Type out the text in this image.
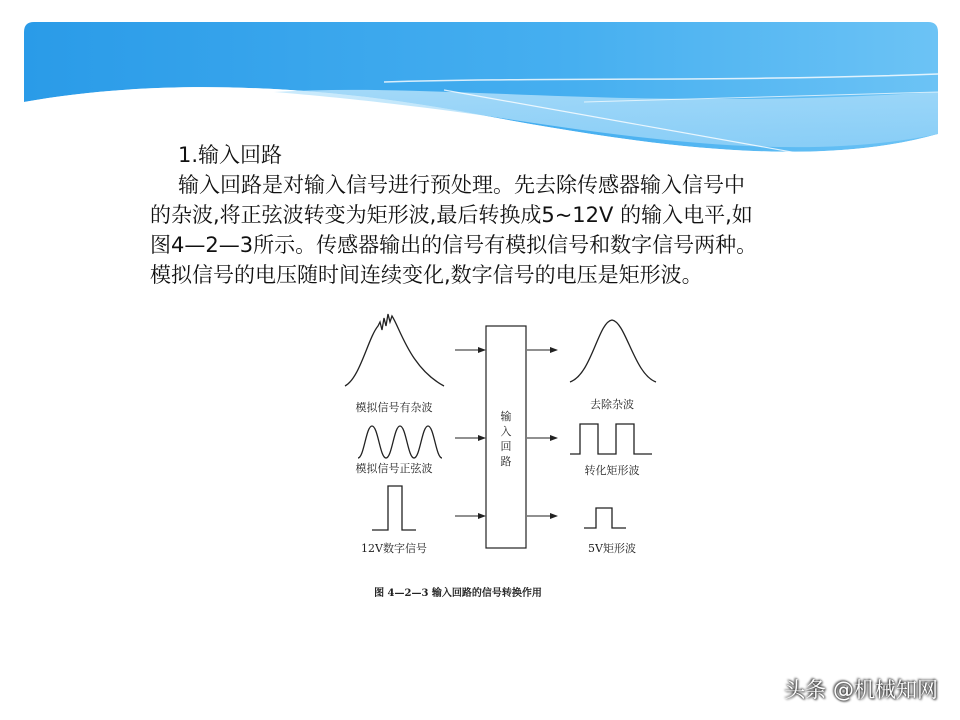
1.输入回路

输入回路是对输入信号进行预处理。先去除传感器输入信号中

的杂波,将正弦波转变为矩形波,最后转换成5~12V 的输入电平,如

图4—2—3所示。传感器输出的信号有模拟信号和数字信号两种。

模拟信号的电压随时间连续变化,数字信号的电压是矩形波。

模拟信号有杂波
模拟信号正弦波
12V数字信号
输
入
回
路
去除杂波
转化矩形波
5V矩形波
图 4—2—3 输入回路的信号转换作用
头条 @机械知网
